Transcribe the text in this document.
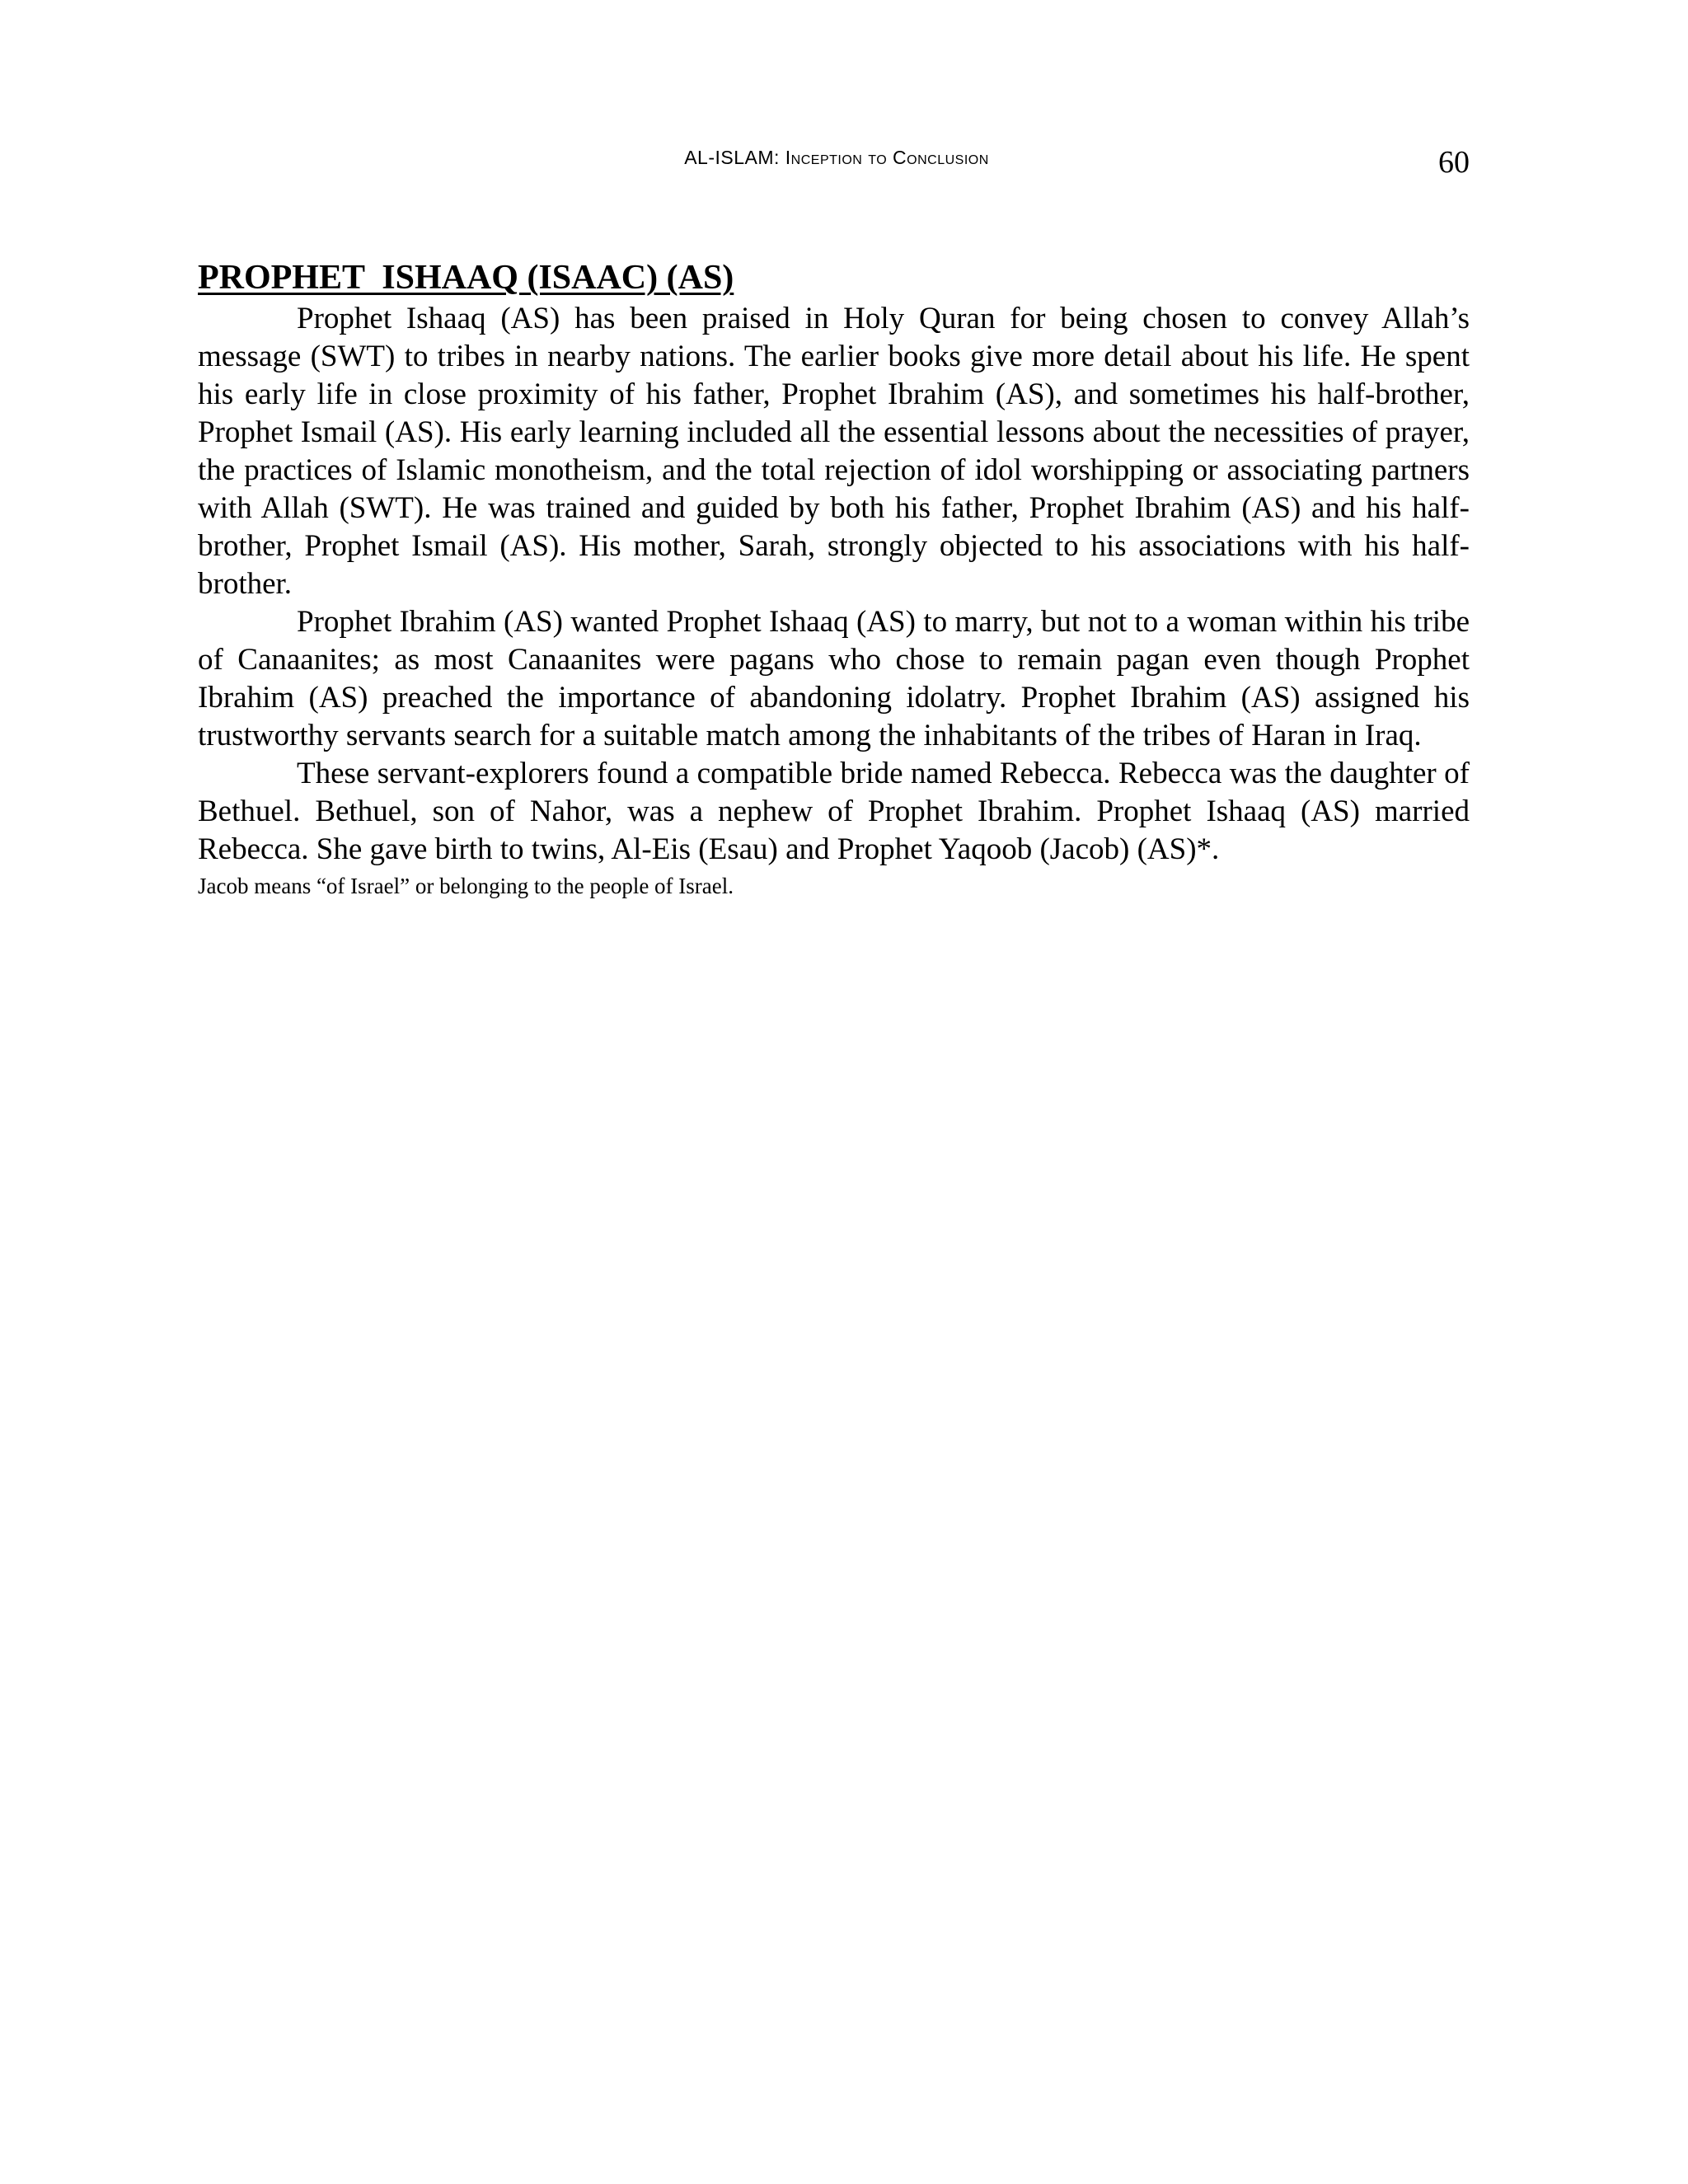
AL-ISLAM: Inception to Conclusion	60
PROPHET  ISHAAQ (ISAAC) (AS)

Prophet Ishaaq (AS) has been praised in Holy Quran for being chosen to convey Allah’s message (SWT) to tribes in nearby nations. The earlier books give more detail about his life. He spent his early life in close proximity of his father, Prophet Ibrahim (AS), and sometimes his half-brother, Prophet Ismail (AS). His early learning included all the essential lessons about the necessities of prayer, the practices of Islamic monotheism, and the total rejection of idol worshipping or associating partners with Allah (SWT). He was trained and guided by both his father, Prophet Ibrahim (AS) and his half-brother, Prophet Ismail (AS). His mother, Sarah, strongly objected to his associations with his half-brother.

Prophet Ibrahim (AS) wanted Prophet Ishaaq (AS) to marry, but not to a woman within his tribe of Canaanites; as most Canaanites were pagans who chose to remain pagan even though Prophet Ibrahim (AS) preached the importance of abandoning idolatry. Prophet Ibrahim (AS) assigned his trustworthy servants search for a suitable match among the inhabitants of the tribes of Haran in Iraq.

These servant-explorers found a compatible bride named Rebecca. Rebecca was the daughter of Bethuel. Bethuel, son of Nahor, was a nephew of Prophet Ibrahim. Prophet Ishaaq (AS) married Rebecca. She gave birth to twins, Al-Eis (Esau) and Prophet Yaqoob (Jacob) (AS)*.

Jacob means “of Israel” or belonging to the people of Israel.
